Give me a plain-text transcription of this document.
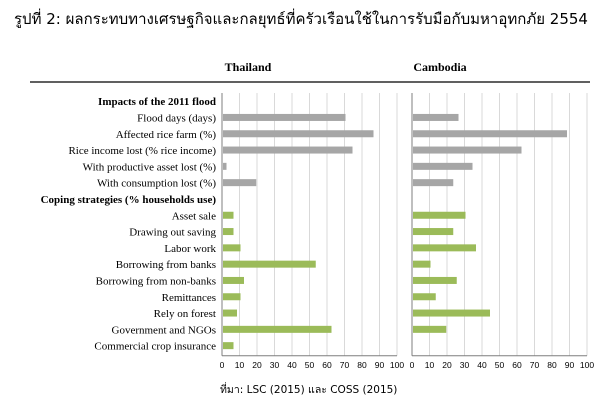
รูปที่ 2: ผลกระทบทางเศรษฐกิจและกลยุทธ์ที่ครัวเรือนใช้ในการรับมือกับมหาอุทกภัย 2554
Thailand	Cambodia
Impacts of the 2011 flood
Flood days (days)
Affected rice farm (%)
Rice income lost (% rice income)
With productive asset lost (%)
With consumption lost (%)
Coping strategies (% households use)
Asset sale
Drawing out saving
Labor work
Borrowing from banks
Borrowing from non-banks
Remittances
Rely on forest
Government and NGOs
Commercial crop insurance
0 10 20 30 40 50 60 70 80 90 100 0 10 20 30 40 50 60 70 80 90 100
ที่มา: LSC (2015) และ COSS (2015)
